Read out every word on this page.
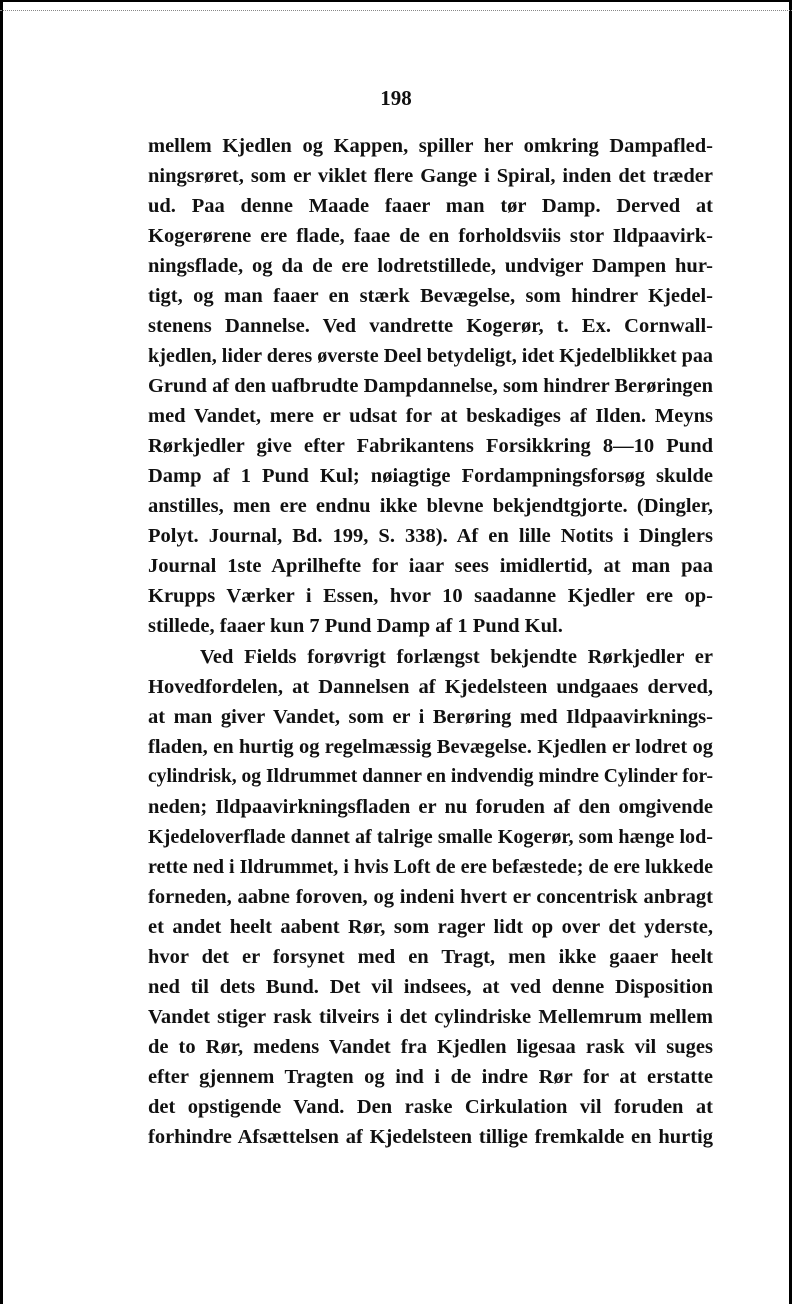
198
mellem Kjedlen og Kappen, spiller her omkring Dampafled-
ningsrøret, som er viklet flere Gange i Spiral, inden det træder
ud. Paa denne Maade faaer man tør Damp. Derved at
Kogerørene ere flade, faae de en forholdsviis stor Ildpaavirk-
ningsflade, og da de ere lodretstillede, undviger Dampen hur-
tigt, og man faaer en stærk Bevægelse, som hindrer Kjedel-
stenens Dannelse. Ved vandrette Kogerør, t. Ex. Cornwall-
kjedlen, lider deres øverste Deel betydeligt, idet Kjedelblikket paa
Grund af den uafbrudte Dampdannelse, som hindrer Berøringen
med Vandet, mere er udsat for at beskadiges af Ilden. Meyns
Rørkjedler give efter Fabrikantens Forsikkring 8—10 Pund
Damp af 1 Pund Kul; nøiagtige Fordampningsforsøg skulde
anstilles, men ere endnu ikke blevne bekjendtgjorte. (Dingler,
Polyt. Journal, Bd. 199, S. 338). Af en lille Notits i Dinglers
Journal 1ste Aprilhefte for iaar sees imidlertid, at man paa
Krupps Værker i Essen, hvor 10 saadanne Kjedler ere op-
stillede, faaer kun 7 Pund Damp af 1 Pund Kul.
Ved Fields forøvrigt forlængst bekjendte Rørkjedler er
Hovedfordelen, at Dannelsen af Kjedelsteen undgaaes derved,
at man giver Vandet, som er i Berøring med Ildpaavirknings-
fladen, en hurtig og regelmæssig Bevægelse. Kjedlen er lodret og
cylindrisk, og Ildrummet danner en indvendig mindre Cylinder for-
neden; Ildpaavirkningsfladen er nu foruden af den omgivende
Kjedeloverflade dannet af talrige smalle Kogerør, som hænge lod-
rette ned i Ildrummet, i hvis Loft de ere befæstede; de ere lukkede
forneden, aabne foroven, og indeni hvert er concentrisk anbragt
et andet heelt aabent Rør, som rager lidt op over det yderste,
hvor det er forsynet med en Tragt, men ikke gaaer heelt
ned til dets Bund. Det vil indsees, at ved denne Disposition
Vandet stiger rask tilveirs i det cylindriske Mellemrum mellem
de to Rør, medens Vandet fra Kjedlen ligesaa rask vil suges
efter gjennem Tragten og ind i de indre Rør for at erstatte
det opstigende Vand. Den raske Cirkulation vil foruden at
forhindre Afsættelsen af Kjedelsteen tillige fremkalde en hurtig
